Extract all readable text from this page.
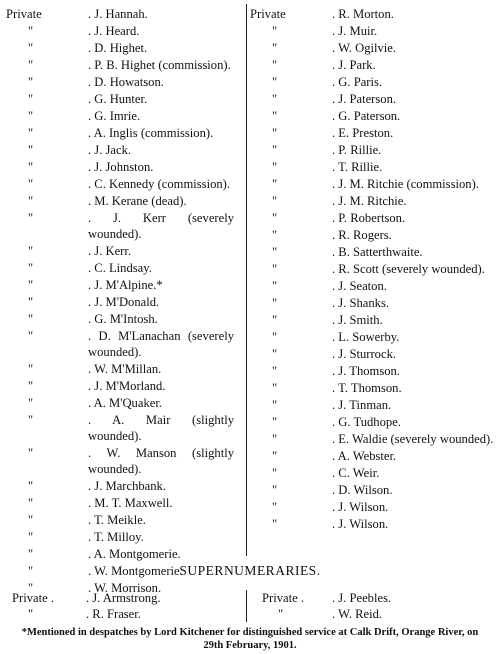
Private	. J. Hannah.
"	. J. Heard.
"	. D. Highet.
"	. P. B. Highet (commission).
"	. D. Howatson.
"	. G. Hunter.
"	. G. Imrie.
"	. A. Inglis (commission).
"	. J. Jack.
"	. J. Johnston.
"	. C. Kennedy (commission).
"	. M. Kerane (dead).
"	. J. Kerr (severely wounded).
"	. J. Kerr.
"	. C. Lindsay.
"	. J. M'Alpine.*
"	. J. M'Donald.
"	. G. M'Intosh.
"	. D. M'Lanachan (severely wounded).
"	. W. M'Millan.
"	. J. M'Morland.
"	. A. M'Quaker.
"	. A. Mair (slightly wounded).
"	. W. Manson (slightly wounded).
"	. J. Marchbank.
"	. M. T. Maxwell.
"	. T. Meikle.
"	. T. Milloy.
"	. A. Montgomerie.
"	. W. Montgomerie.
"	. W. Morrison.
Private	. R. Morton.
"	. J. Muir.
"	. W. Ogilvie.
"	. J. Park.
"	. G. Paris.
"	. J. Paterson.
"	. G. Paterson.
"	. E. Preston.
"	. P. Rillie.
"	. T. Rillie.
"	. J. M. Ritchie (commission).
"	. J. M. Ritchie.
"	. P. Robertson.
"	. R. Rogers.
"	. B. Satterthwaite.
"	. R. Scott (severely wounded).
"	. J. Seaton.
"	. J. Shanks.
"	. J. Smith.
"	. L. Sowerby.
"	. J. Sturrock.
"	. J. Thomson.
"	. T. Thomson.
"	. J. Tinman.
"	. G. Tudhope.
"	. E. Waldie (severely wounded).
"	. A. Webster.
"	. C. Weir.
"	. D. Wilson.
"	. J. Wilson.
"	. J. Wilson.
SUPERNUMERARIES.
Private .	. J. Armstrong.
"	. R. Fraser.
Private .	. J. Peebles.
"	. W. Reid.
*Mentioned in despatches by Lord Kitchener for distinguished service at Calk Drift, Orange River, on 29th February, 1901.
